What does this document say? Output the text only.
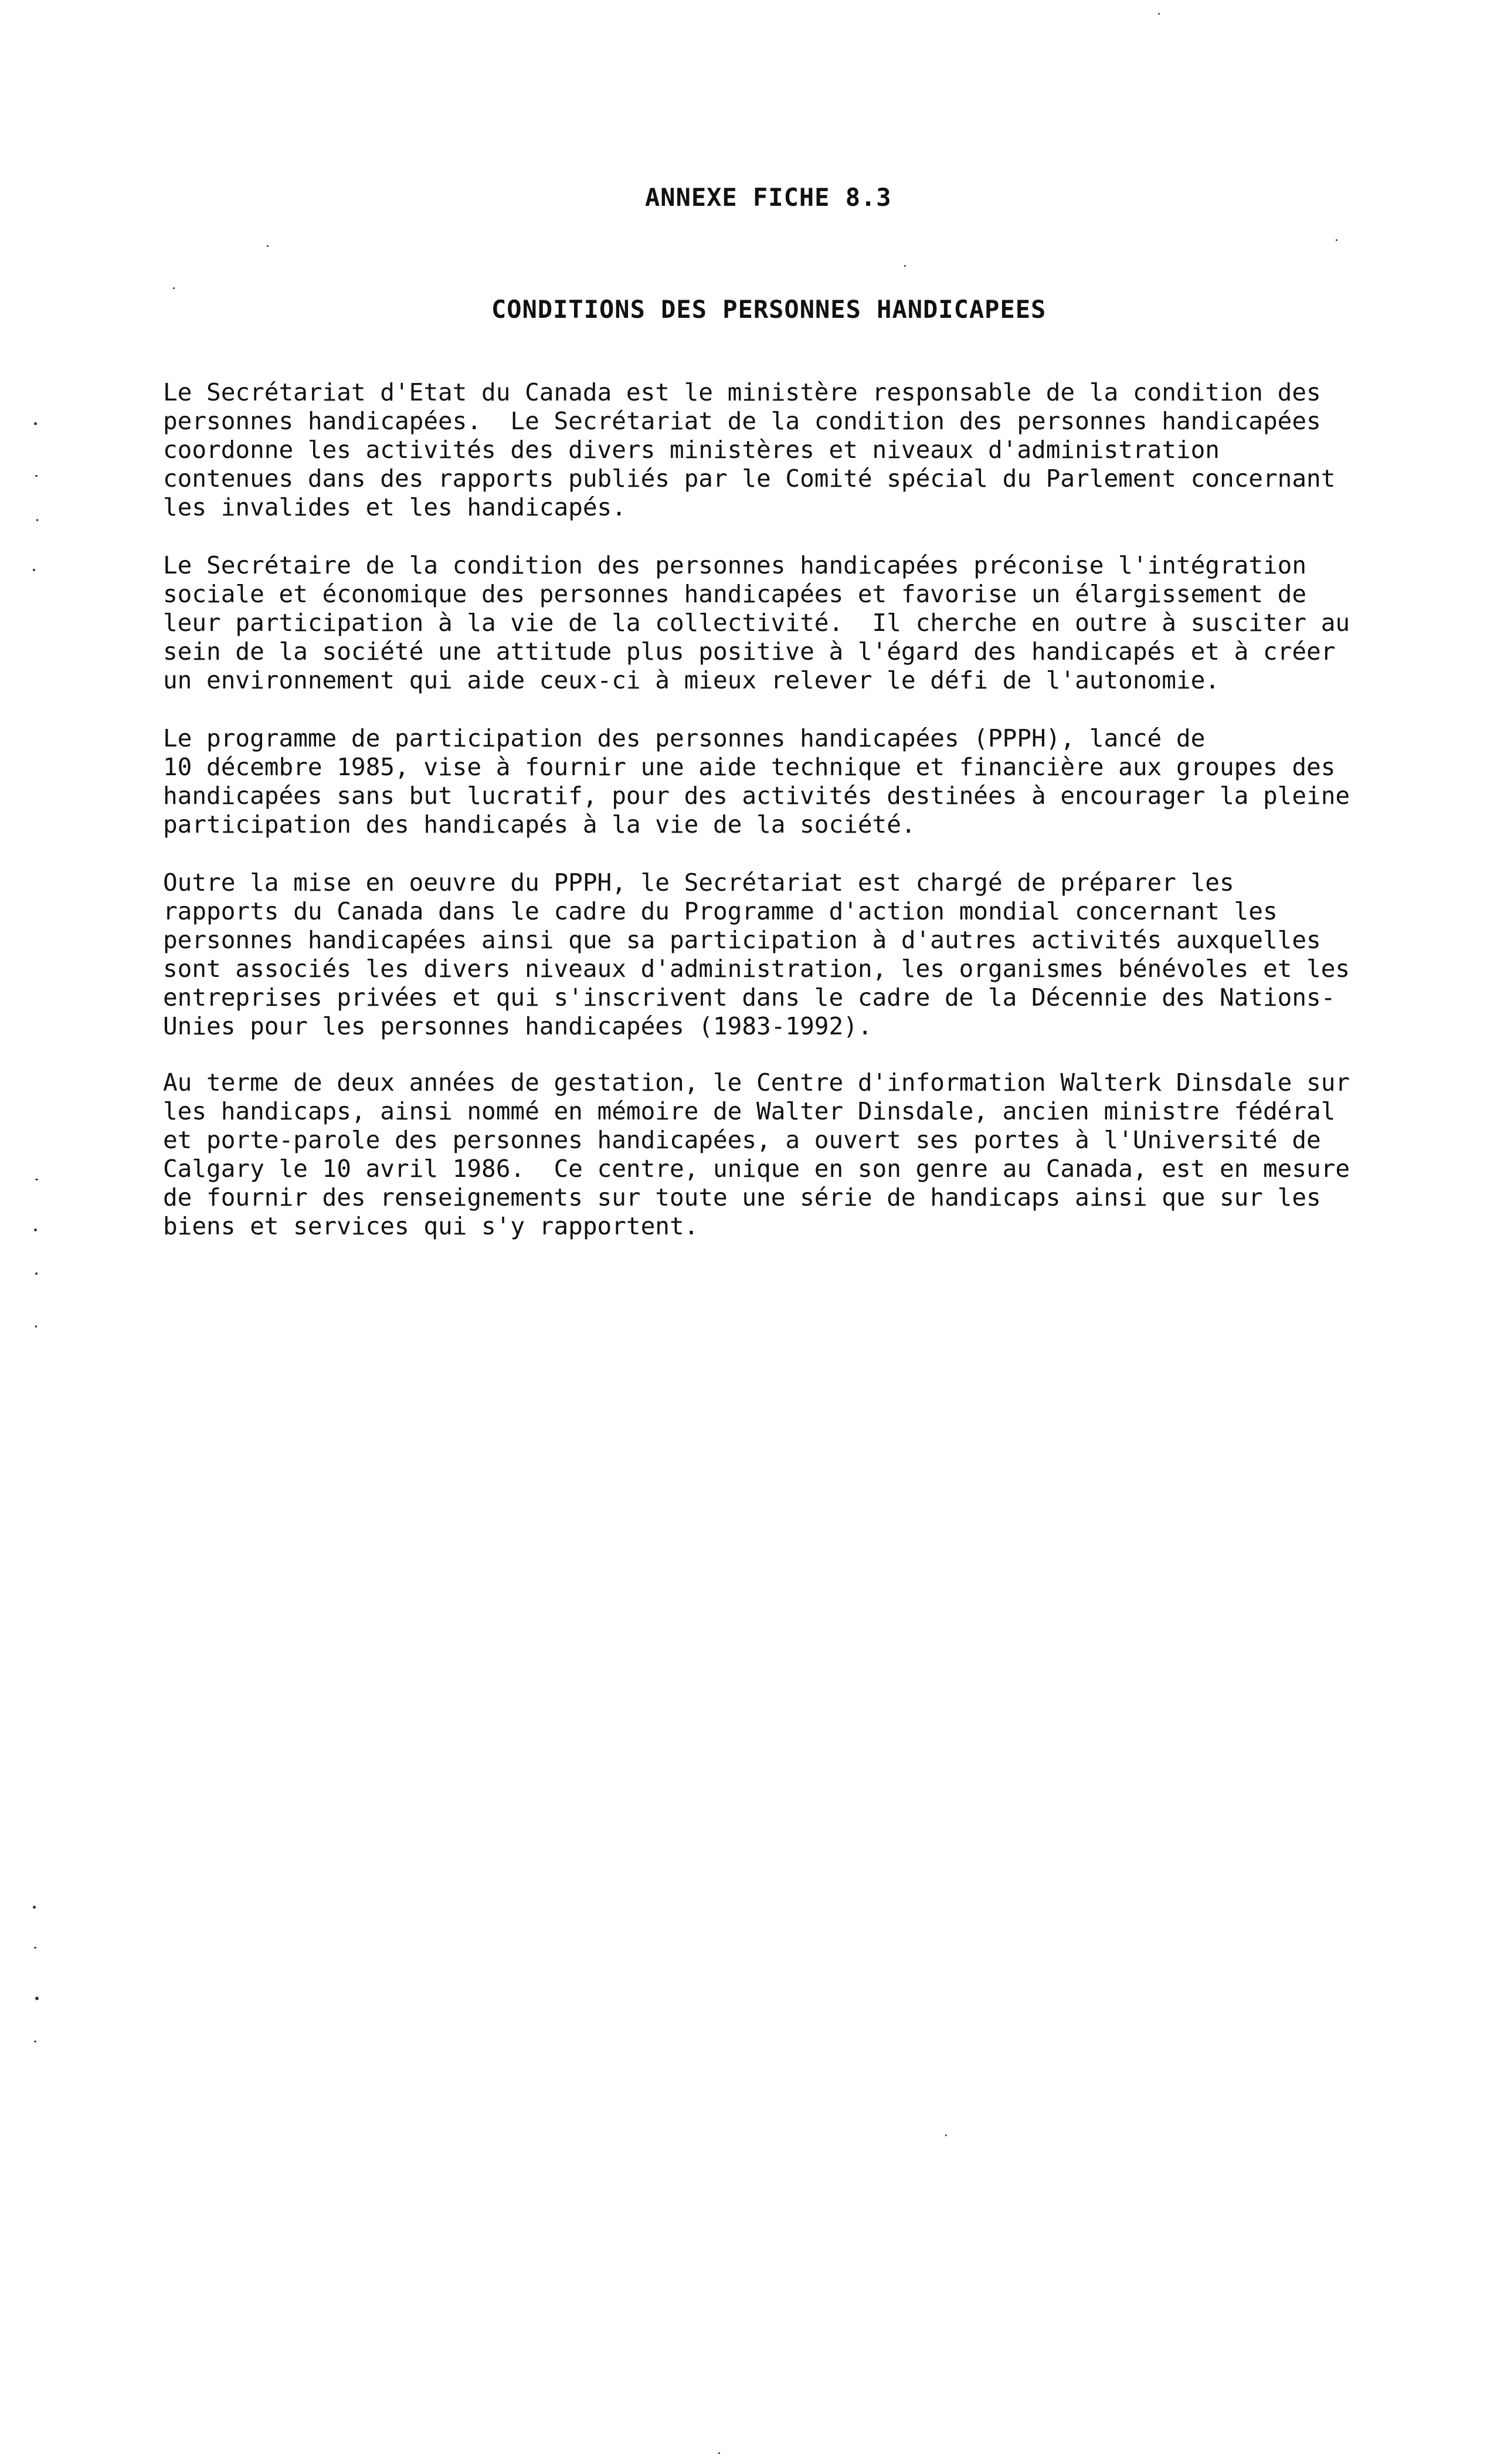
ANNEXE FICHE 8.3
CONDITIONS DES PERSONNES HANDICAPEES
Le Secrétariat d'Etat du Canada est le ministère responsable de la condition des
personnes handicapées.  Le Secrétariat de la condition des personnes handicapées
coordonne les activités des divers ministères et niveaux d'administration
contenues dans des rapports publiés par le Comité spécial du Parlement concernant
les invalides et les handicapés.
Le Secrétaire de la condition des personnes handicapées préconise l'intégration
sociale et économique des personnes handicapées et favorise un élargissement de
leur participation à la vie de la collectivité.  Il cherche en outre à susciter au
sein de la société une attitude plus positive à l'égard des handicapés et à créer
un environnement qui aide ceux-ci à mieux relever le défi de l'autonomie.
Le programme de participation des personnes handicapées (PPPH), lancé de
10 décembre 1985, vise à fournir une aide technique et financière aux groupes des
handicapées sans but lucratif, pour des activités destinées à encourager la pleine
participation des handicapés à la vie de la société.
Outre la mise en oeuvre du PPPH, le Secrétariat est chargé de préparer les
rapports du Canada dans le cadre du Programme d'action mondial concernant les
personnes handicapées ainsi que sa participation à d'autres activités auxquelles
sont associés les divers niveaux d'administration, les organismes bénévoles et les
entreprises privées et qui s'inscrivent dans le cadre de la Décennie des Nations-
Unies pour les personnes handicapées (1983-1992).
Au terme de deux années de gestation, le Centre d'information Walterk Dinsdale sur
les handicaps, ainsi nommé en mémoire de Walter Dinsdale, ancien ministre fédéral
et porte-parole des personnes handicapées, a ouvert ses portes à l'Université de
Calgary le 10 avril 1986.  Ce centre, unique en son genre au Canada, est en mesure
de fournir des renseignements sur toute une série de handicaps ainsi que sur les
biens et services qui s'y rapportent.
